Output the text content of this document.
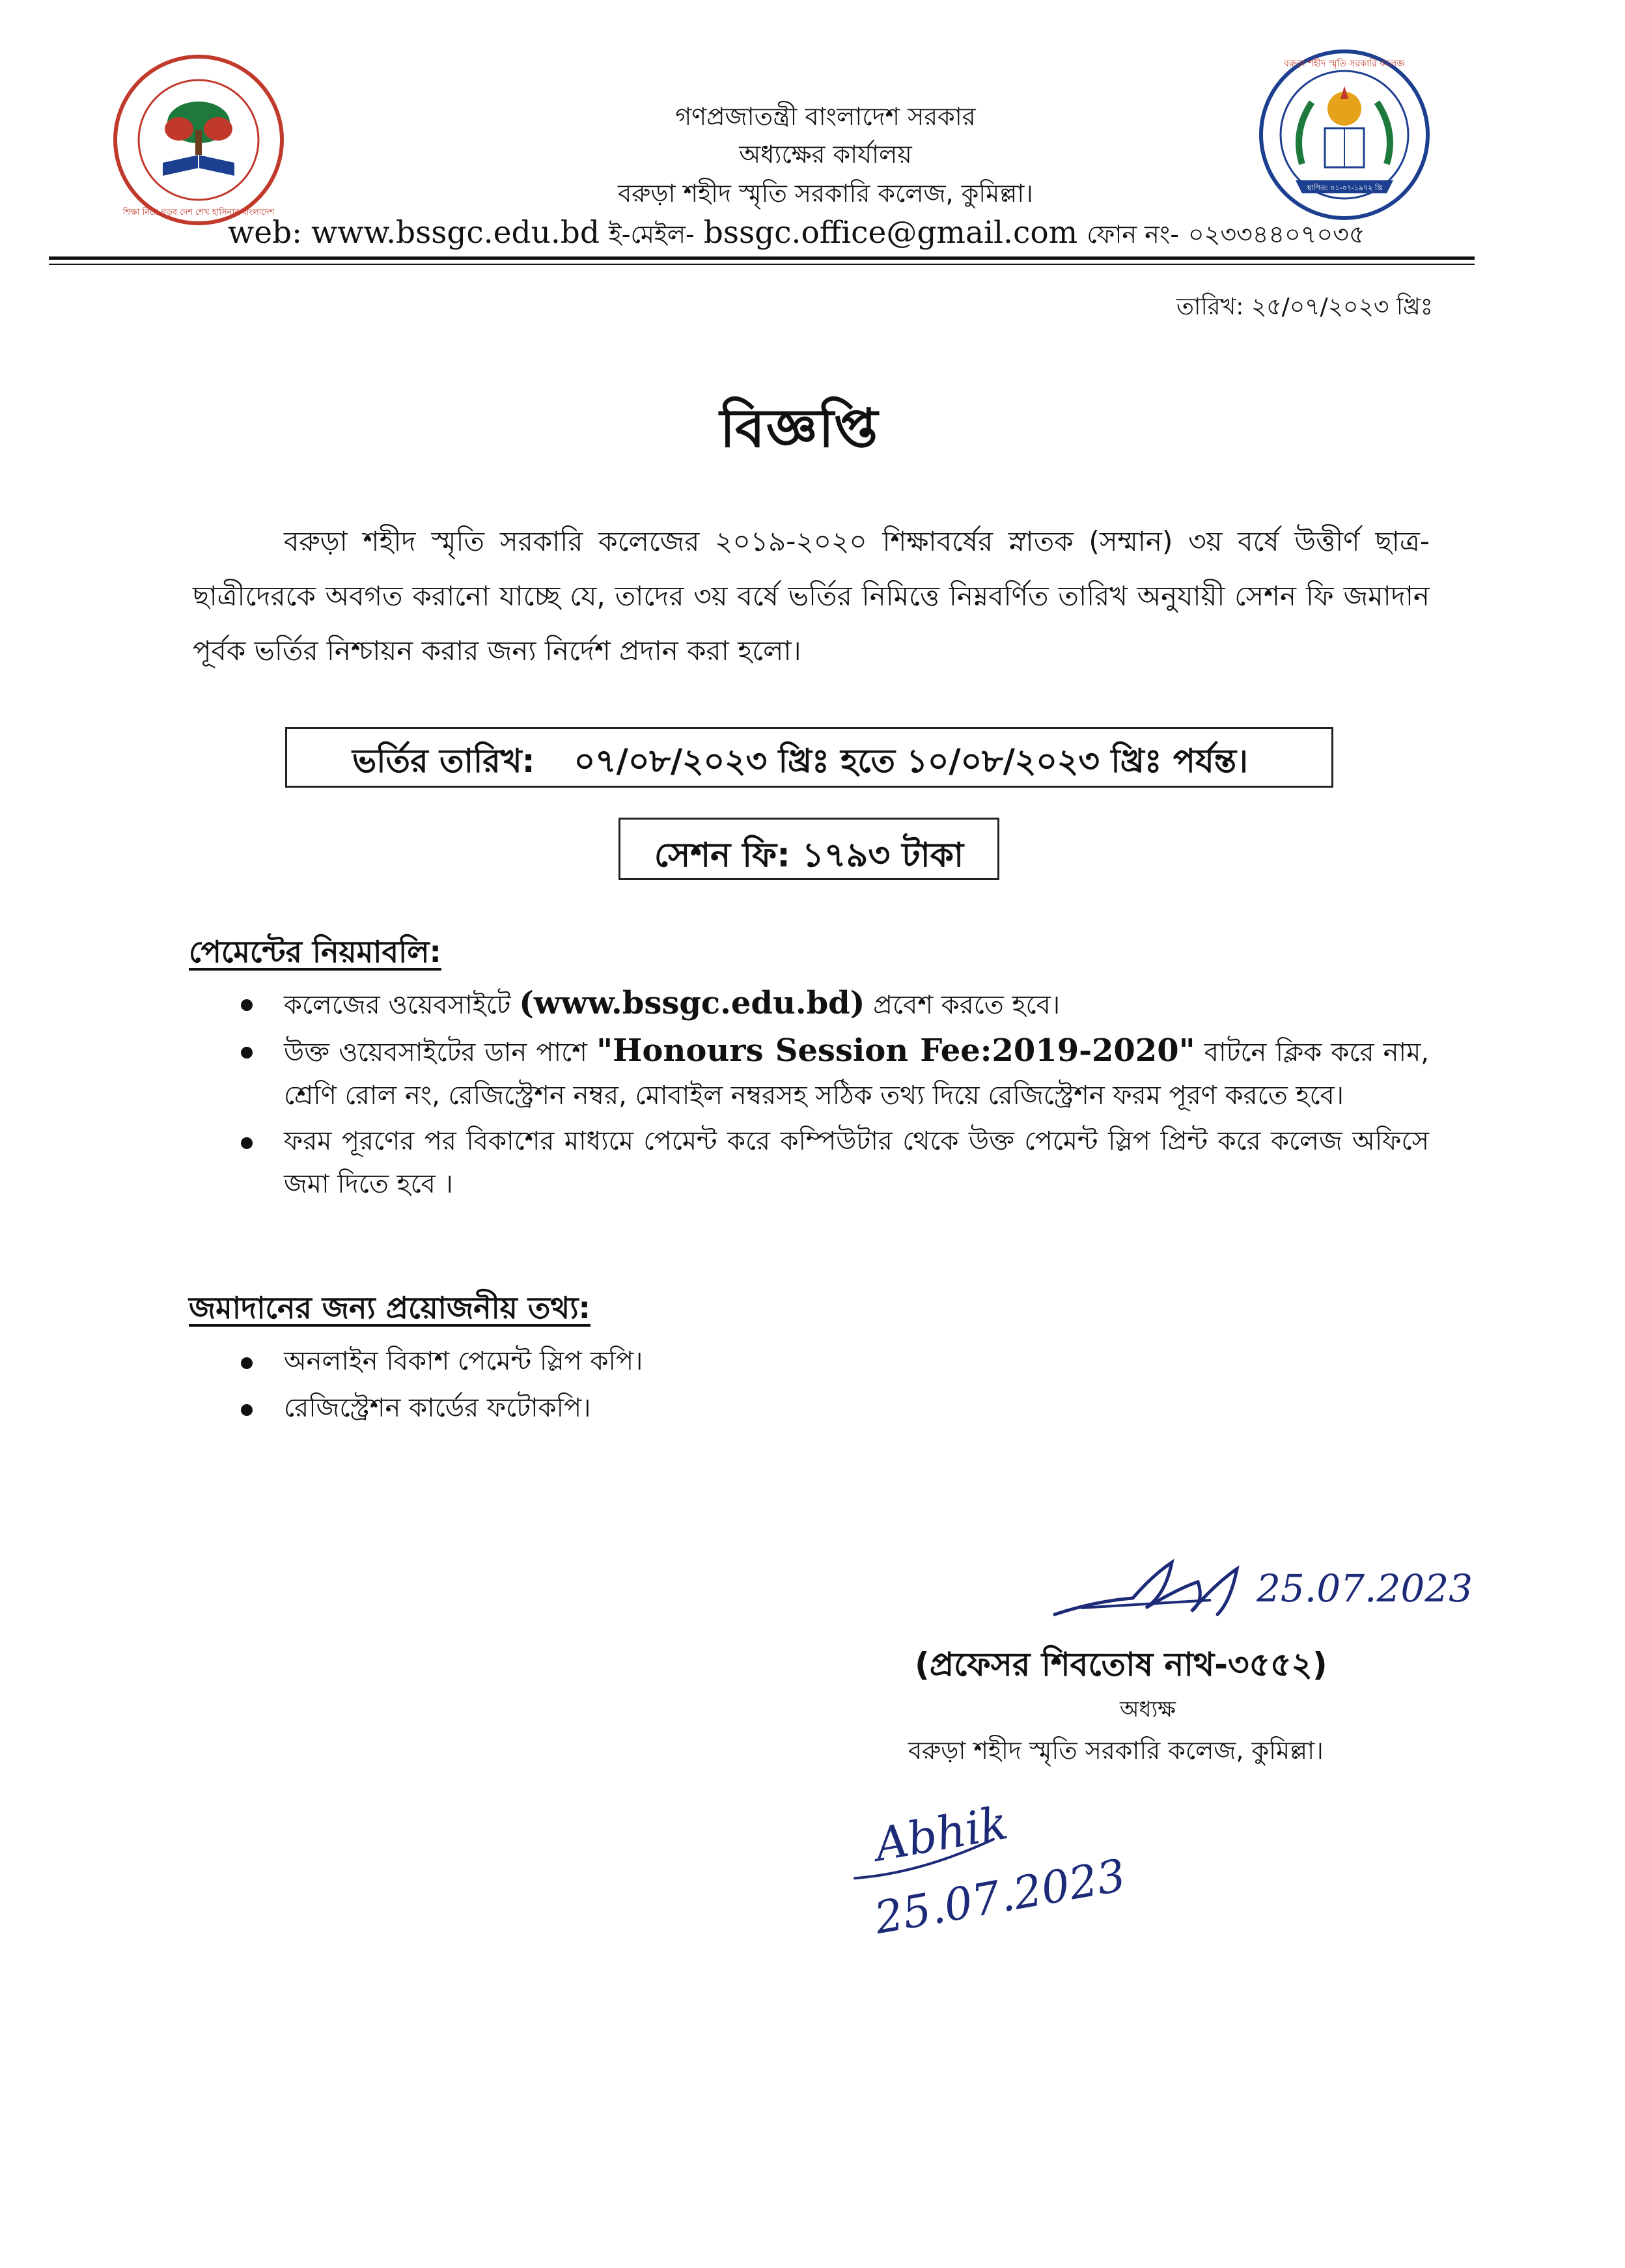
শিক্ষা নিয়ে গড়ব দেশ শেখ হাসিনার বাংলাদেশ
বরুড়া শহীদ স্মৃতি সরকারি কলেজ
স্থাপিত: ০১-০৭-১৯৭২ খ্রি
গণপ্রজাতন্ত্রী বাংলাদেশ সরকার
অধ্যক্ষের কার্যালয়
বরুড়া শহীদ স্মৃতি সরকারি কলেজ, কুমিল্লা।
web: www.bssgc.edu.bd ই-মেইল- bssgc.office@gmail.com ফোন নং- ০২৩৩৪৪০৭০৩৫
তারিখ: ২৫/০৭/২০২৩ খ্রিঃ
বিজ্ঞপ্তি
বরুড়া শহীদ স্মৃতি সরকারি কলেজের ২০১৯-২০২০ শিক্ষাবর্ষের স্নাতক (সম্মান) ৩য় বর্ষে উত্তীর্ণ ছাত্র-ছাত্রীদেরকে অবগত করানো যাচ্ছে যে, তাদের ৩য় বর্ষে ভর্তির নিমিত্তে নিম্নবর্ণিত তারিখ অনুযায়ী সেশন ফি জমাদান পূর্বক ভর্তির নিশ্চায়ন করার জন্য নির্দেশ প্রদান করা হলো।
ভর্তির তারিখ: ০৭/০৮/২০২৩ খ্রিঃ হতে ১০/০৮/২০২৩ খ্রিঃ পর্যন্ত।
সেশন ফি: ১৭৯৩ টাকা
পেমেন্টের নিয়মাবলি:
কলেজের ওয়েবসাইটে (www.bssgc.edu.bd) প্রবেশ করতে হবে।
উক্ত ওয়েবসাইটের ডান পাশে "Honours Session Fee:2019-2020" বাটনে ক্লিক করে নাম, শ্রেণি রোল নং, রেজিস্ট্রেশন নম্বর, মোবাইল নম্বরসহ সঠিক তথ্য দিয়ে রেজিস্ট্রেশন ফরম পূরণ করতে হবে।
ফরম পূরণের পর বিকাশের মাধ্যমে পেমেন্ট করে কম্পিউটার থেকে উক্ত পেমেন্ট স্লিপ প্রিন্ট করে কলেজ অফিসে জমা দিতে হবে ।
জমাদানের জন্য প্রয়োজনীয় তথ্য:
অনলাইন বিকাশ পেমেন্ট স্লিপ কপি।
রেজিস্ট্রেশন কার্ডের ফটোকপি।
25.07.2023
(প্রফেসর শিবতোষ নাথ-৩৫৫২)
অধ্যক্ষ
বরুড়া শহীদ স্মৃতি সরকারি কলেজ, কুমিল্লা।
Abhik
25.07.2023
